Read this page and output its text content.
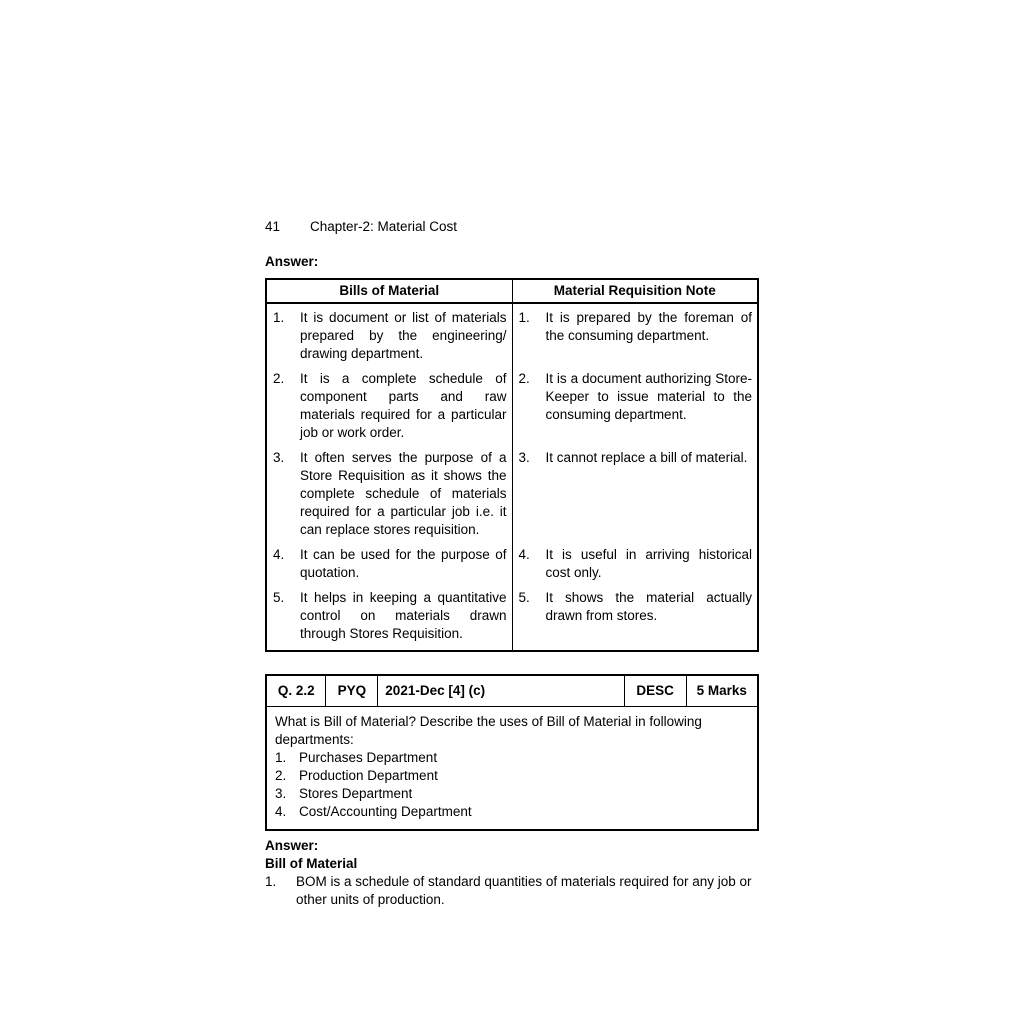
41	Chapter-2: Material Cost
Answer:
Bills of Material	Material Requisition Note

1. It is document or list of materials prepared by the engineering/ drawing department.	1. It is prepared by the foreman of the consuming department.

2. It is a complete schedule of component parts and raw materials required for a particular job or work order.	2. It is a document authorizing Store-Keeper to issue material to the consuming department.

3. It often serves the purpose of a Store Requisition as it shows the complete schedule of materials required for a particular job i.e. it can replace stores requisition.	3. It cannot replace a bill of material.

4. It can be used for the purpose of quotation.	4. It is useful in arriving historical cost only.

5. It helps in keeping a quantitative control on materials drawn through Stores Requisition.	5. It shows the material actually drawn from stores.
Q. 2.2	PYQ	2021-Dec [4] (c)	DESC	5 Marks

What is Bill of Material? Describe the uses of Bill of Material in following departments:
1. Purchases Department
2. Production Department
3. Stores Department
4. Cost/Accounting Department
Answer:
Bill of Material
1.	BOM is a schedule of standard quantities of materials required for any job or other units of production.
